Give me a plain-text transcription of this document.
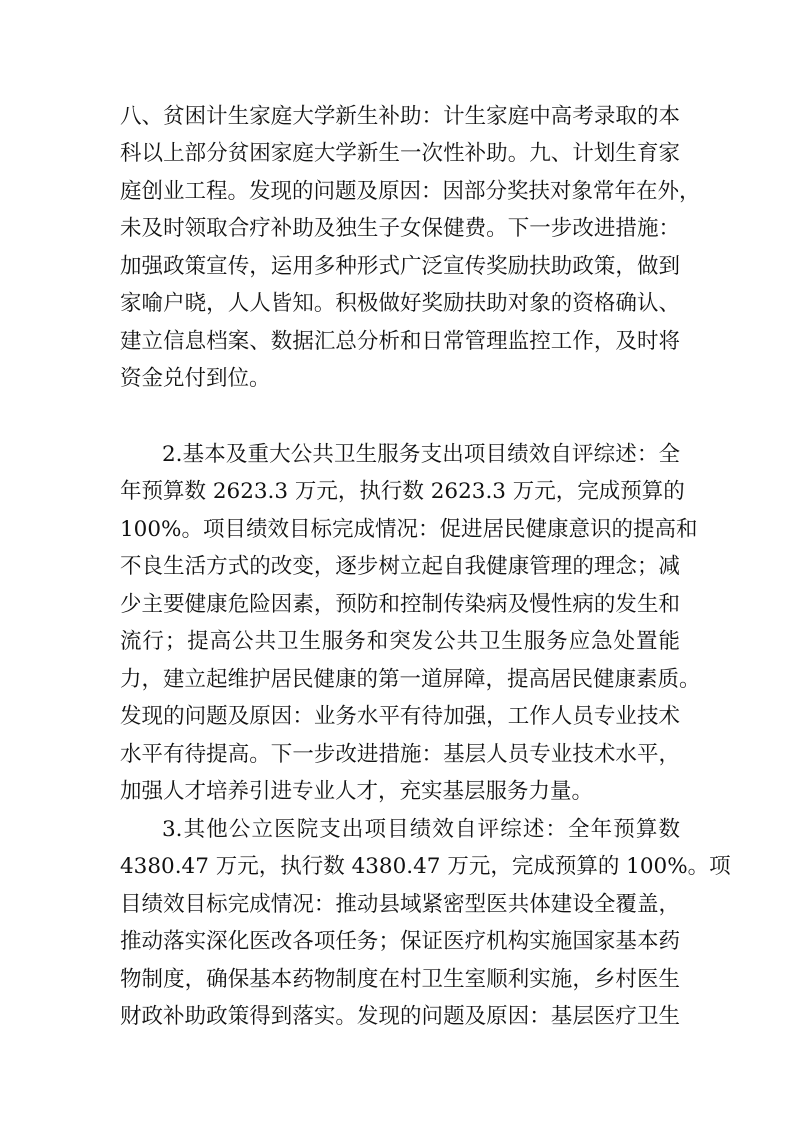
八、贫困计生家庭大学新生补助：计生家庭中高考录取的本
科以上部分贫困家庭大学新生一次性补助。九、计划生育家
庭创业工程。发现的问题及原因：因部分奖扶对象常年在外，
未及时领取合疗补助及独生子女保健费。下一步改进措施：
加强政策宣传，运用多种形式广泛宣传奖励扶助政策，做到
家喻户晓，人人皆知。积极做好奖励扶助对象的资格确认、
建立信息档案、数据汇总分析和日常管理监控工作，及时将
资金兑付到位。
2.基本及重大公共卫生服务支出项目绩效自评综述：全
年预算数 2623.3 万元，执行数 2623.3 万元，完成预算的
100%。项目绩效目标完成情况：促进居民健康意识的提高和
不良生活方式的改变，逐步树立起自我健康管理的理念；减
少主要健康危险因素，预防和控制传染病及慢性病的发生和
流行；提高公共卫生服务和突发公共卫生服务应急处置能
力，建立起维护居民健康的第一道屏障，提高居民健康素质。
发现的问题及原因：业务水平有待加强，工作人员专业技术
水平有待提高。下一步改进措施：基层人员专业技术水平，
加强人才培养引进专业人才，充实基层服务力量。
3.其他公立医院支出项目绩效自评综述：全年预算数
4380.47 万元，执行数 4380.47 万元，完成预算的 100%。项
目绩效目标完成情况：推动县域紧密型医共体建设全覆盖，
推动落实深化医改各项任务；保证医疗机构实施国家基本药
物制度，确保基本药物制度在村卫生室顺利实施，乡村医生
财政补助政策得到落实。发现的问题及原因：基层医疗卫生
